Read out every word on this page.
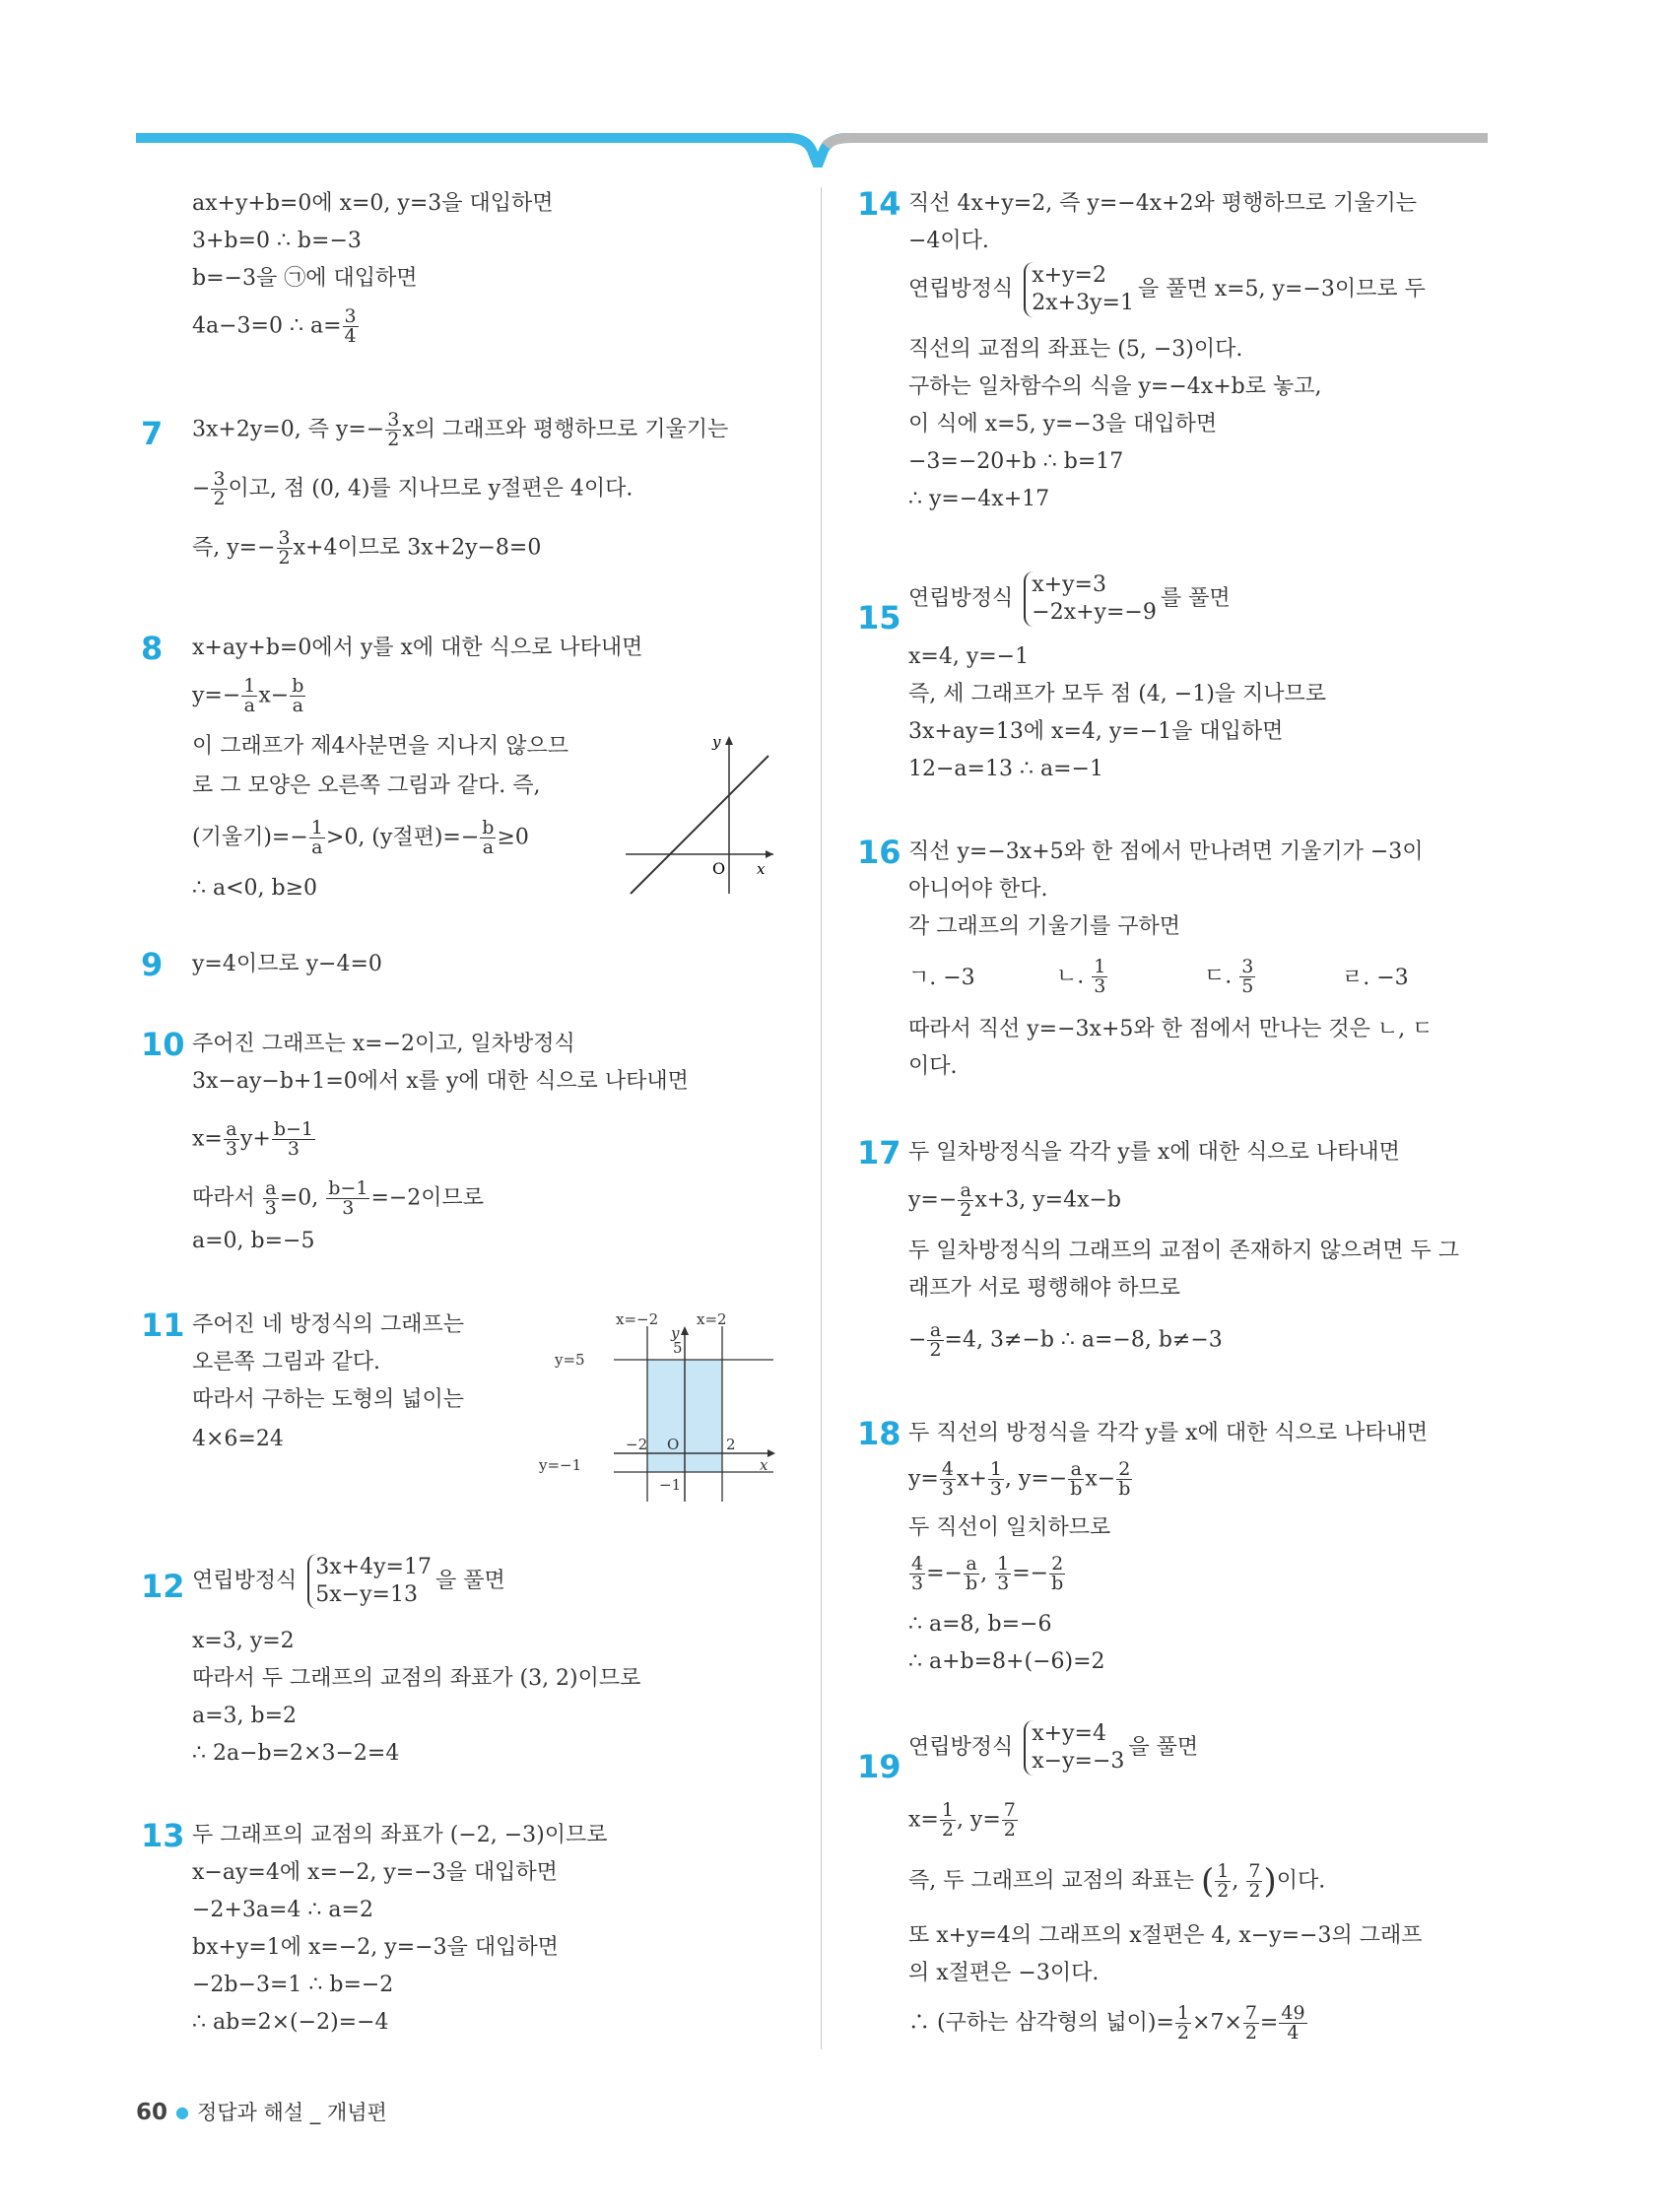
ax+y+b=0에 x=0, y=3을 대입하면
3+b=0 ∴ b=−3
b=−3을 ㉠에 대입하면
4a−3=0 ∴ $a= \frac{3}{4}$
7 3x+2y=0, 즉 $y=- \frac{3}{2}$ x의 그래프와 평행하므로 기울기는
− $\frac{3}{2}$ 이고, 점 (0, 4)를 지나므로 y절편은 4이다.
즉, $y=- \frac{3}{2} x+4$이므로 3x+2y−8=0
8 x+ay+b=0에서 y를 x에 대한 식으로 나타내면
$y=- \frac{1}{a} x- \frac{b}{a}$
이 그래프가 제4사분면을 지나지 않으므
로 그 모양은 오른쪽 그림과 같다. 즉,
(기울기)=− $\frac{1}{a} >0$, (y절편)=− $\frac{b}{a} \ge 0$
∴ a<0, b≥0
y
O x
9 y=4이므로 y−4=0
10 주어진 그래프는 x=−2이고, 일차방정식
3x−ay−b+1=0에서 x를 y에 대한 식으로 나타내면
$x= \frac{a}{3} y+ \frac{b-1}{3}$
따라서 $\frac{a}{3} =0$, $\frac{b-1}{3} =-2$이므로
a=0, b=−5
11 주어진 네 방정식의 그래프는
오른쪽 그림과 같다.
따라서 구하는 도형의 넓이는
4×6=24
x=−2	x=2
y
5
y=5
−2 O	2
x
y=−1
−1
12 연립방정식
3x+4y=17
5x−y=13
을 풀면
x=3, y=2
따라서 두 그래프의 교점의 좌표가 (3, 2)이므로
a=3, b=2
∴ 2a−b=2×3−2=4
13 두 그래프의 교점의 좌표가 (−2, −3)이므로
x−ay=4에 x=−2, y=−3을 대입하면
−2+3a=4 ∴ a=2
bx+y=1에 x=−2, y=−3을 대입하면
−2b−3=1 ∴ b=−2
∴ ab=2×(−2)=−4
14 직선 4x+y=2, 즉 y=−4x+2와 평행하므로 기울기는
−4이다.
연립방정식
x+y=2
2x+3y=1
을 풀면 x=5, y=−3이므로 두
직선의 교점의 좌표는 (5, −3)이다.
구하는 일차함수의 식을 y=−4x+b로 놓고,
이 식에 x=5, y=−3을 대입하면
−3=−20+b ∴ b=17
∴ y=−4x+17
15
연립방정식
x+y=3
−2x+y=−9
를 풀면
x=4, y=−1
즉, 세 그래프가 모두 점 (4, −1)을 지나므로
3x+ay=13에 x=4, y=−1을 대입하면
12−a=13 ∴ a=−1
16 직선 y=−3x+5와 한 점에서 만나려면 기울기가 −3이
아니어야 한다.
각 그래프의 기울기를 구하면
ㄱ. −3	ㄴ. $\frac{1}{3}$	ㄷ. $\frac{3}{5}$	ㄹ. −3
따라서 직선 y=−3x+5와 한 점에서 만나는 것은 ㄴ, ㄷ
이다.
17 두 일차방정식을 각각 y를 x에 대한 식으로 나타내면
$y=- \frac{a}{2} x+3$, y=4x−b
두 일차방정식의 그래프의 교점이 존재하지 않으려면 두 그
래프가 서로 평행해야 하므로
− $\frac{a}{2} =4$, 3≠−b ∴ a=−8, b≠−3
18 두 직선의 방정식을 각각 y를 x에 대한 식으로 나타내면
$y= \frac{4}{3} x+ \frac{1}{3}$ , $y=- \frac{a}{b} x- \frac{2}{b}$
두 직선이 일치하므로
$\frac{4}{3} =- \frac{a}{b}$ , $\frac{1}{3} =- \frac{2}{b}$
∴ a=8, b=−6
∴ a+b=8+(−6)=2
19
연립방정식
x+y=4
x−y=−3
을 풀면
$x= \frac{1}{2}$ , $y= \frac{7}{2}$
즉, 두 그래프의 교점의 좌표는 ( $\frac{1}{2}$ , $\frac{7}{2}$ )이다.
또 x+y=4의 그래프의 x절편은 4, x−y=−3의 그래프
의 x절편은 −3이다.
∴ (구하는 삼각형의 넓이)= $\frac{1}{2} \times 7\times \frac{7}{2} = \frac{49}{4}$
60 ● 정답과 해설 _ 개념편
